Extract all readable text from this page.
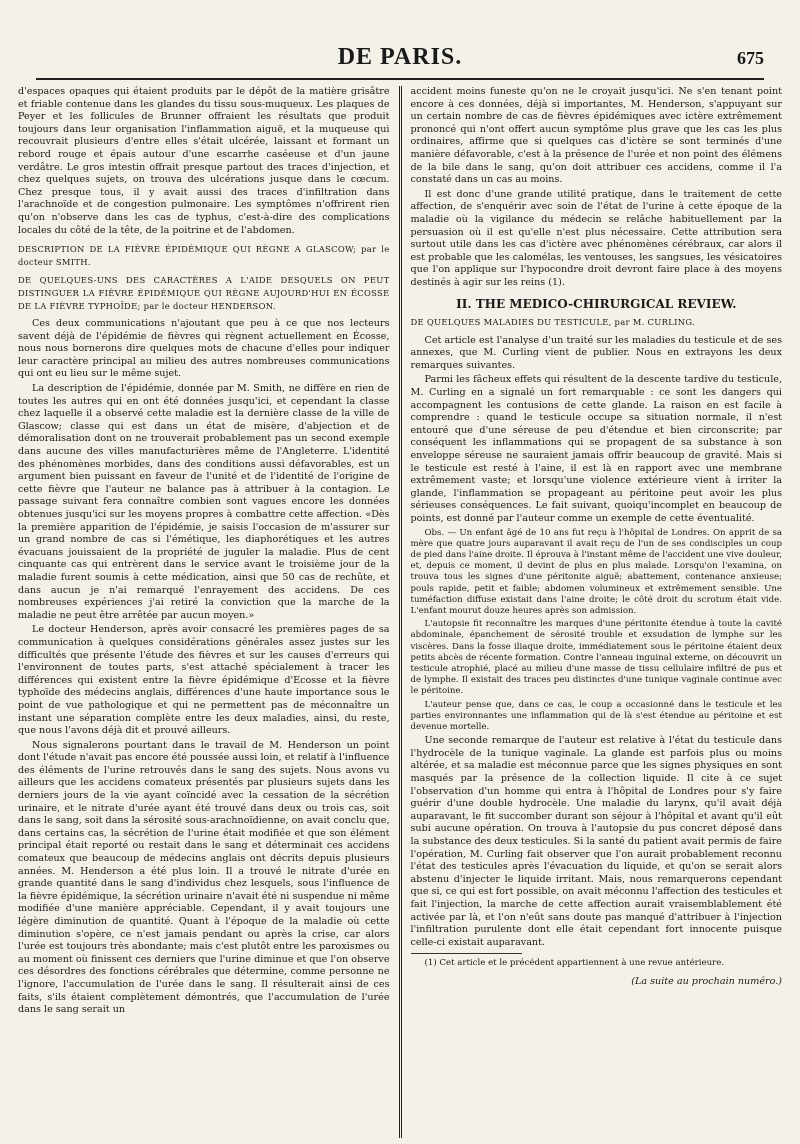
DE PARIS.	675

d'espaces opaques qui étaient produits par le dépôt de la matière grisâtre et friable contenue dans les glandes du tissu sous-muqueux. Les plaques de Peyer et les follicules de Brunner offraient les résultats que produit toujours dans leur organisation l'inflammation aiguë, et la muqueuse qui recouvrait plusieurs d'entre elles s'était ulcérée, laissant et formant un rebord rouge et épais autour d'une escarrhe caséeuse et d'un jaune verdâtre. Le gros intestin offrait presque partout des traces d'injection, et chez quelques sujets, on trouva des ulcérations jusque dans le cœcum. Chez presque tous, il y avait aussi des traces d'infiltration dans l'arachnoïde et de congestion pulmonaire. Les symptômes n'offrirent rien qu'on n'observe dans les cas de typhus, c'est-à-dire des complications locales du côté de la tête, de la poitrine et de l'abdomen.

DESCRIPTION DE LA FIÈVRE ÉPIDÉMIQUE QUI RÈGNE A GLASCOW; par le docteur SMITH.

DE QUELQUES-UNS DES CARACTÈRES A L'AIDE DESQUELS ON PEUT DISTINGUER LA FIÈVRE ÉPIDÉMIQUE QUI RÈGNE AUJOURD'HUI EN ÉCOSSE DE LA FIÈVRE TYPHOÏDE; par le docteur HENDERSON.

Ces deux communications n'ajoutant que peu à ce que nos lecteurs savent déjà de l'épidémie de fièvres qui règnent actuellement en Écosse, nous nous bornerons dire quelques mots de chacune d'elles pour indiquer leur caractère principal au milieu des autres nombreuses communications qui ont eu lieu sur le même sujet.

La description de l'épidémie, donnée par M. Smith, ne diffère en rien de toutes les autres qui en ont été données jusqu'ici, et cependant la classe chez laquelle il a observé cette maladie est la dernière classe de la ville de Glascow; classe qui est dans un état de misère, d'abjection et de démoralisation dont on ne trouverait probablement pas un second exemple dans aucune des villes manufacturières même de l'Angleterre. L'identité des phénomènes morbides, dans des conditions aussi défavorables, est un argument bien puissant en faveur de l'unité et de l'identité de l'origine de cette fièvre que l'auteur ne balance pas à attribuer à la contagion. Le passage suivant fera connaître combien sont vagues encore les données obtenues jusqu'ici sur les moyens propres à combattre cette affection. «Dès la première apparition de l'épidémie, je saisis l'occasion de m'assurer sur un grand nombre de cas si l'émétique, les diaphorétiques et les autres évacuans jouissaient de la propriété de juguler la maladie. Plus de cent cinquante cas qui entrèrent dans le service avant le troisième jour de la maladie furent soumis à cette médication, ainsi que 50 cas de rechûte, et dans aucun je n'ai remarqué l'enrayement des accidens. De ces nombreuses expériences j'ai retiré la conviction que la marche de la maladie ne peut être arrêtée par aucun moyen.»

Le docteur Henderson, après avoir consacré les premières pages de sa communication à quelques considérations générales assez justes sur les difficultés que présente l'étude des fièvres et sur les causes d'erreurs qui l'environnent de toutes parts, s'est attaché spécialement à tracer les différences qui existent entre la fièvre épidémique d'Ecosse et la fièvre typhoïde des médecins anglais, différences d'une haute importance sous le point de vue pathologique et qui ne permettent pas de méconnaître un instant une séparation complète entre les deux maladies, ainsi, du reste, que nous l'avons déjà dit et prouvé ailleurs.

Nous signalerons pourtant dans le travail de M. Henderson un point dont l'étude n'avait pas encore été poussée aussi loin, et relatif à l'influence des éléments de l'urine retrouvés dans le sang des sujets. Nous avons vu ailleurs que les accidens comateux présentés par plusieurs sujets dans les derniers jours de la vie ayant coïncidé avec la cessation de la sécrétion urinaire, et le nitrate d'urée ayant été trouvé dans deux ou trois cas, soit dans le sang, soit dans la sérosité sous-arachnoïdienne, on avait conclu que, dans certains cas, la sécrétion de l'urine était modifiée et que son élément principal était reporté ou restait dans le sang et déterminait ces accidens comateux que beaucoup de médecins anglais ont décrits depuis plusieurs années. M. Henderson a été plus loin. Il a trouvé le nitrate d'urée en grande quantité dans le sang d'individus chez lesquels, sous l'influence de la fièvre épidémique, la sécrétion urinaire n'avait été ni suspendue ni même modifiée d'une manière appréciable. Cependant, il y avait toujours une légère diminution de quantité. Quant à l'époque de la maladie où cette diminution s'opère, ce n'est jamais pendant ou après la crise, car alors l'urée est toujours très abondante; mais c'est plutôt entre les paroxismes ou au moment où finissent ces derniers que l'urine diminue et que l'on observe ces désordres des fonctions cérébrales que détermine, comme personne ne l'ignore, l'accumulation de l'urée dans le sang. Il résulterait ainsi de ces faits, s'ils étaient complètement démontrés, que l'accumulation de l'urée dans le sang serait un

accident moins funeste qu'on ne le croyait jusqu'ici. Ne s'en tenant point encore à ces données, déjà si importantes, M. Henderson, s'appuyant sur un certain nombre de cas de fièvres épidémiques avec ictère extrêmement prononcé qui n'ont offert aucun symptôme plus grave que les cas les plus ordinaires, affirme que si quelques cas d'ictère se sont terminés d'une manière défavorable, c'est à la présence de l'urée et non point des élémens de la bile dans le sang, qu'on doit attribuer ces accidens, comme il l'a constaté dans un cas au moins.

Il est donc d'une grande utilité pratique, dans le traitement de cette affection, de s'enquérir avec soin de l'état de l'urine à cette époque de la maladie où la vigilance du médecin se relâche habituellement par la persuasion où il est qu'elle n'est plus nécessaire. Cette attribution sera surtout utile dans les cas d'ictère avec phénomènes cérébraux, car alors il est probable que les calomélas, les ventouses, les sangsues, les vésicatoires que l'on applique sur l'hypocondre droit devront faire place à des moyens destinés à agir sur les reins (1).

II. THE MEDICO-CHIRURGICAL REVIEW.

DE QUELQUES MALADIES DU TESTICULE, par M. CURLING.

Cet article est l'analyse d'un traité sur les maladies du testicule et de ses annexes, que M. Curling vient de publier. Nous en extrayons les deux remarques suivantes.

Parmi les fâcheux effets qui résultent de la descente tardive du testicule, M. Curling en a signalé un fort remarquable : ce sont les dangers qui accompagnent les contusions de cette glande. La raison en est facile à comprendre : quand le testicule occupe sa situation normale, il n'est entouré que d'une séreuse de peu d'étendue et bien circonscrite; par conséquent les inflammations qui se propagent de sa substance à son enveloppe séreuse ne sauraient jamais offrir beaucoup de gravité. Mais si le testicule est resté à l'aine, il est là en rapport avec une membrane extrêmement vaste; et lorsqu'une violence extérieure vient à irriter la glande, l'inflammation se propageant au péritoine peut avoir les plus sérieuses conséquences. Le fait suivant, quoiqu'incomplet en beaucoup de points, est donné par l'auteur comme un exemple de cette éventualité.

Obs. — Un enfant âgé de 10 ans fut reçu à l'hôpital de Londres. On apprit de sa mère que quatre jours auparavant il avait reçu de l'un de ses condisciples un coup de pied dans l'aine droite. Il éprouva à l'instant même de l'accident une vive douleur, et, depuis ce moment, il devint de plus en plus malade. Lorsqu'on l'examina, on trouva tous les signes d'une péritonite aiguë; abattement, contenance anxieuse; pouls rapide, petit et faible; abdomen volumineux et extrêmement sensible. Une tuméfaction diffuse existait dans l'aine droite; le côté droit du scrotum était vide. L'enfant mourut douze heures après son admission.

L'autopsie fit reconnaître les marques d'une péritonite étendue à toute la cavité abdominale, épanchement de sérosité trouble et exsudation de lymphe sur les viscères. Dans la fosse iliaque droite, immédiatement sous le péritoine étaient deux petits abcès de récente formation. Contre l'anneau inguinal externe, on découvrit un testicule atrophié, placé au milieu d'une masse de tissu cellulaire infiltré de pus et de lymphe. Il existait des traces peu distinctes d'une tunique vaginale continue avec le péritoine.

L'auteur pense que, dans ce cas, le coup a occasionné dans le testicule et les parties environnantes une inflammation qui de là s'est étendue au péritoine et est devenue mortelle.

Une seconde remarque de l'auteur est relative à l'état du testicule dans l'hydrocèle de la tunique vaginale. La glande est parfois plus ou moins altérée, et sa maladie est méconnue parce que les signes physiques en sont masqués par la présence de la collection liquide. Il cite à ce sujet l'observation d'un homme qui entra à l'hôpital de Londres pour s'y faire guérir d'une double hydrocèle. Une maladie du larynx, qu'il avait déjà auparavant, le fit succomber durant son séjour à l'hôpital et avant qu'il eût subi aucune opération. On trouva à l'autopsie du pus concret déposé dans la substance des deux testicules. Si la santé du patient avait permis de faire l'opération, M. Curling fait observer que l'on aurait probablement reconnu l'état des testicules après l'évacuation du liquide, et qu'on se serait alors abstenu d'injecter le liquide irritant. Mais, nous remarquerons cependant que si, ce qui est fort possible, on avait méconnu l'affection des testicules et fait l'injection, la marche de cette affection aurait vraisemblablement été activée par là, et l'on n'eût sans doute pas manqué d'attribuer à l'injection l'infiltration purulente dont elle était cependant fort innocente puisque celle-ci existait auparavant.

(1) Cet article et le précédent appartiennent à une revue antérieure.

(La suite au prochain numéro.)
